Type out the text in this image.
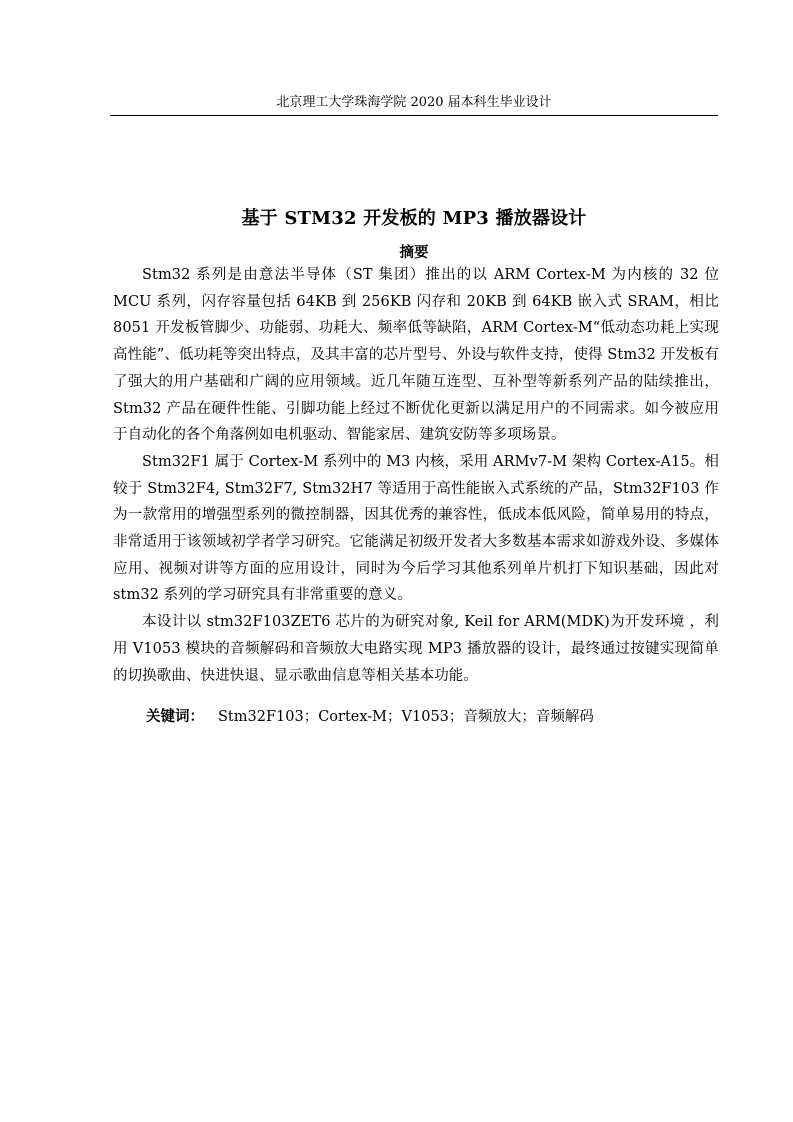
北京理工大学珠海学院 2020 届本科生毕业设计
基于 STM32 开发板的 MP3 播放器设计
摘要

Stm32 系列是由意法半导体（ST 集团）推出的以 ARM Cortex-M 为内核的 32 位 MCU 系列，闪存容量包括 64KB 到 256KB 闪存和 20KB 到 64KB 嵌入式 SRAM，相比 8051 开发板管脚少、功能弱、功耗大、频率低等缺陷，ARM Cortex-M“低动态功耗上实现高性能”、低功耗等突出特点，及其丰富的芯片型号、外设与软件支持，使得 Stm32 开发板有了强大的用户基础和广阔的应用领域。近几年随互连型、互补型等新系列产品的陆续推出，Stm32 产品在硬件性能、引脚功能上经过不断优化更新以满足用户的不同需求。如今被应用于自动化的各个角落例如电机驱动、智能家居、建筑安防等多项场景。

Stm32F1 属于 Cortex-M 系列中的 M3 内核，采用 ARMv7-M 架构 Cortex-A15。相较于 Stm32F4, Stm32F7, Stm32H7 等适用于高性能嵌入式系统的产品，Stm32F103 作为一款常用的增强型系列的微控制器，因其优秀的兼容性，低成本低风险，简单易用的特点，非常适用于该领域初学者学习研究。它能满足初级开发者大多数基本需求如游戏外设、多媒体应用、视频对讲等方面的应用设计，同时为今后学习其他系列单片机打下知识基础，因此对 stm32 系列的学习研究具有非常重要的意义。

本设计以 stm32F103ZET6 芯片的为研究对象, Keil for ARM(MDK)为开发环境 ，利用 V1053 模块的音频解码和音频放大电路实现 MP3 播放器的设计，最终通过按键实现简单的切换歌曲、快进快退、显示歌曲信息等相关基本功能。

关键词： Stm32F103；Cortex-M；V1053；音频放大；音频解码
